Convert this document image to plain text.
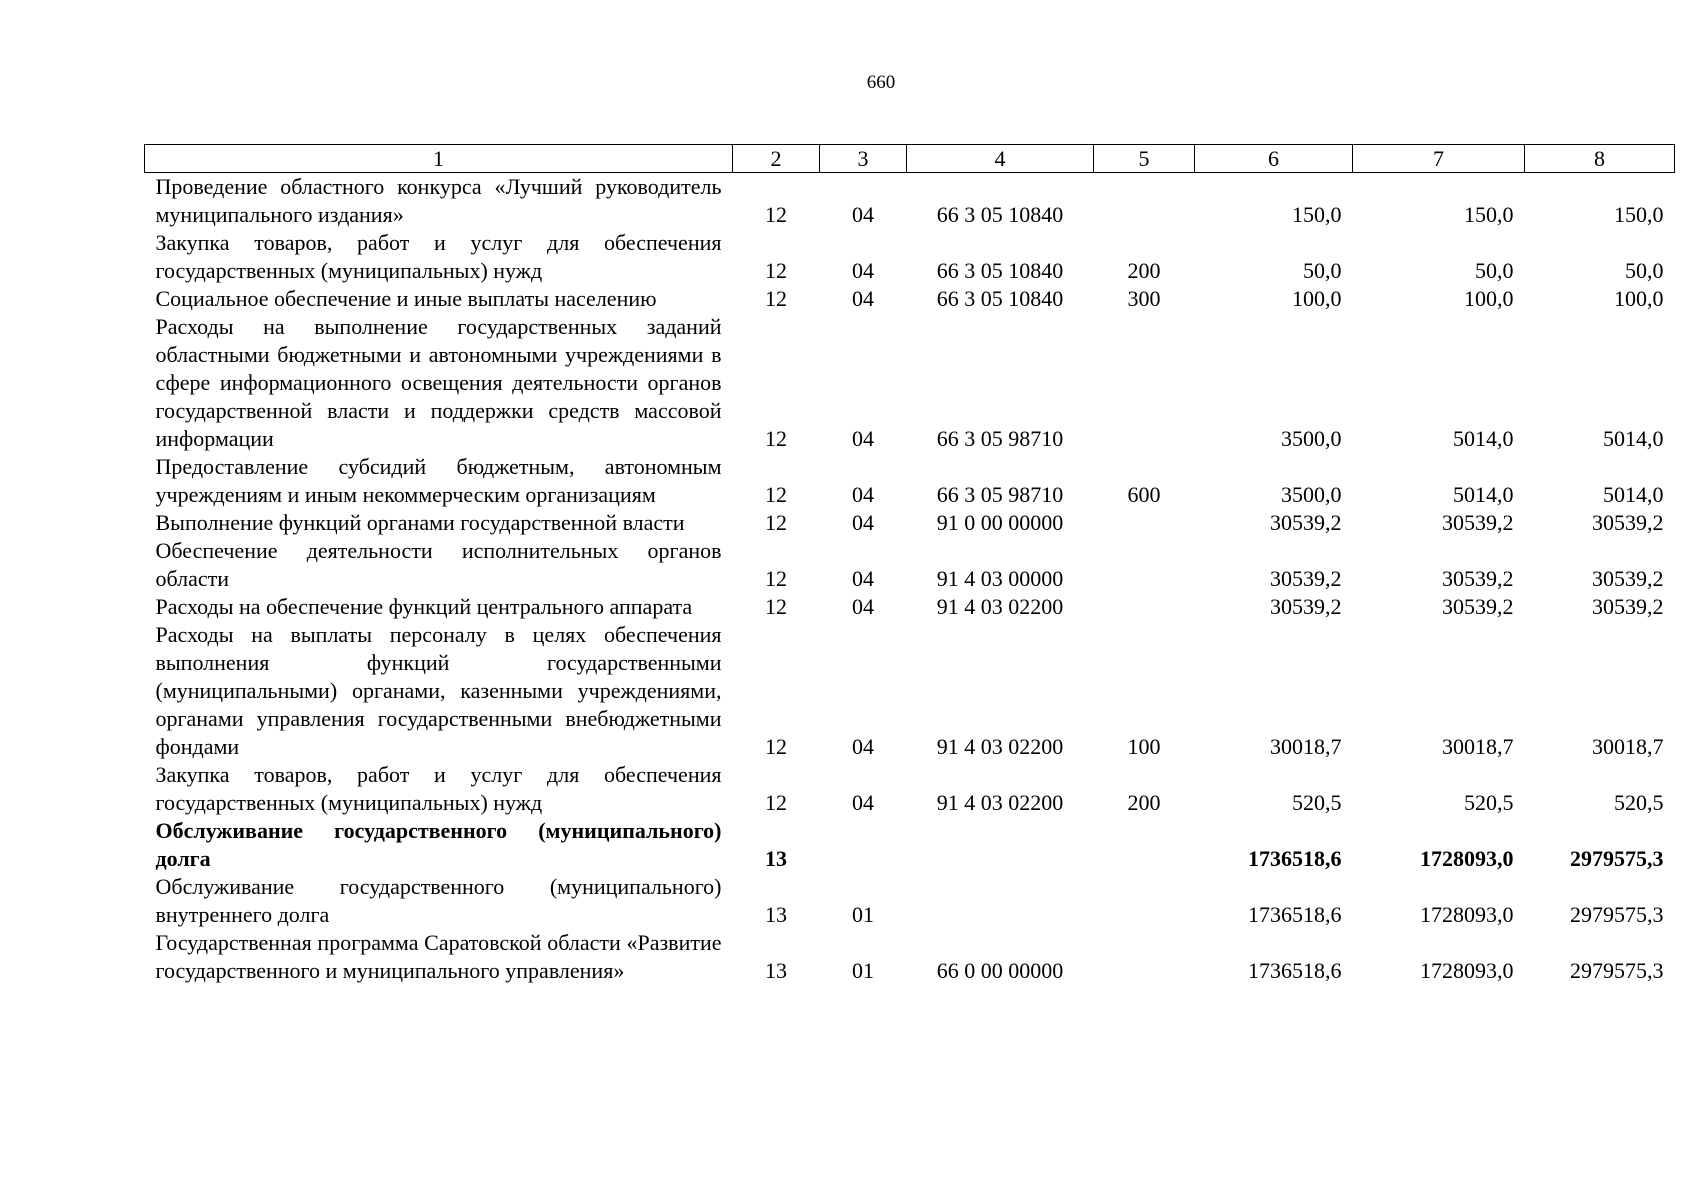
660
1	2	3	4	5	6	7	8
Проведение областного конкурса «Лучший руководитель муниципального издания»	12	04	66 3 05 10840		150,0	150,0	150,0
Закупка товаров, работ и услуг для обеспечения государственных (муниципальных) нужд	12	04	66 3 05 10840	200	50,0	50,0	50,0
Социальное обеспечение и иные выплаты населению	12	04	66 3 05 10840	300	100,0	100,0	100,0
Расходы на выполнение государственных заданий областными бюджетными и автономными учреждениями в сфере информационного освещения деятельности органов государственной власти и поддержки средств массовой информации	12	04	66 3 05 98710		3500,0	5014,0	5014,0
Предоставление субсидий бюджетным, автономным учреждениям и иным некоммерческим организациям	12	04	66 3 05 98710	600	3500,0	5014,0	5014,0
Выполнение функций органами государственной власти	12	04	91 0 00 00000		30539,2	30539,2	30539,2
Обеспечение деятельности исполнительных органов области	12	04	91 4 03 00000		30539,2	30539,2	30539,2
Расходы на обеспечение функций центрального аппарата	12	04	91 4 03 02200		30539,2	30539,2	30539,2
Расходы на выплаты персоналу в целях обеспечения выполнения функций государственными (муниципальными) органами, казенными учреждениями, органами управления государственными внебюджетными фондами	12	04	91 4 03 02200	100	30018,7	30018,7	30018,7
Закупка товаров, работ и услуг для обеспечения государственных (муниципальных) нужд	12	04	91 4 03 02200	200	520,5	520,5	520,5
Обслуживание государственного (муниципального) долга	13				1736518,6	1728093,0	2979575,3
Обслуживание государственного (муниципального) внутреннего долга	13	01			1736518,6	1728093,0	2979575,3
Государственная программа Саратовской области «Развитие государственного и муниципального управления»	13	01	66 0 00 00000		1736518,6	1728093,0	2979575,3
